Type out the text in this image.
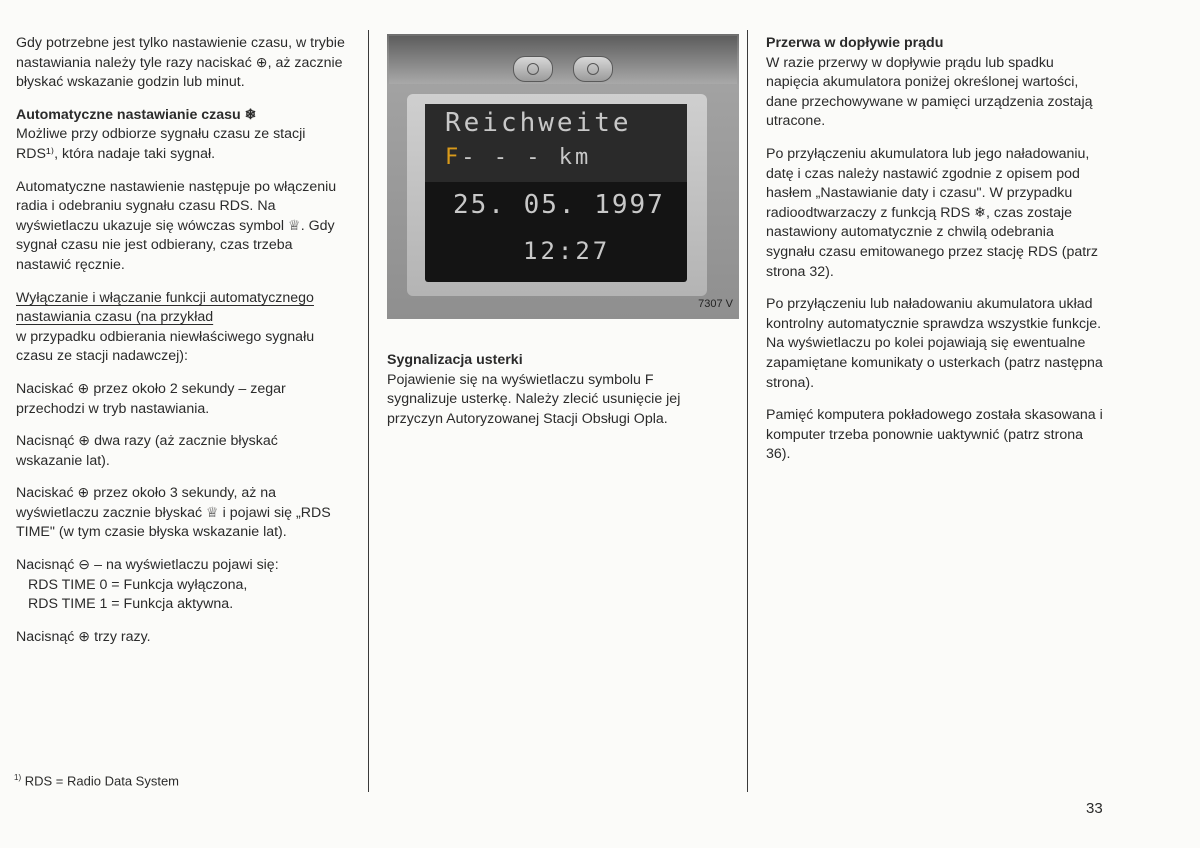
Gdy potrzebne jest tylko nastawienie czasu, w trybie nastawiania należy tyle razy naciskać ⊕, aż zacznie błyskać wskazanie godzin lub minut.

Automatyczne nastawianie czasu ❄

Możliwe przy odbiorze sygnału czasu ze stacji RDS¹⁾, która nadaje taki sygnał.

Automatyczne nastawienie następuje po włączeniu radia i odebraniu sygnału czasu RDS. Na wyświetlaczu ukazuje się wówczas symbol ♕. Gdy sygnał czasu nie jest odbierany, czas trzeba nastawić ręcznie.

Wyłączanie i włączanie funkcji automatycznego nastawiania czasu (na przykład

w przypadku odbierania niewłaściwego sygnału czasu ze stacji nadawczej):

Naciskać ⊕ przez około 2 sekundy – zegar przechodzi w tryb nastawiania.

Nacisnąć ⊕ dwa razy (aż zacznie błyskać wskazanie lat).

Naciskać ⊕ przez około 3 sekundy, aż na wyświetlaczu zacznie błyskać ♕ i pojawi się „RDS TIME" (w tym czasie błyska wskazanie lat).

Nacisnąć ⊖ – na wyświetlaczu pojawi się:

RDS TIME 0 = Funkcja wyłączona,

RDS TIME 1 = Funkcja aktywna.

Nacisnąć ⊕ trzy razy.

$^{1)}$ RDS = Radio Data System
Reichweite
F- - - km
25. 05. 1997
12:27
7307 V

Sygnalizacja usterki

Pojawienie się na wyświetlaczu symbolu F sygnalizuje usterkę. Należy zlecić usunięcie jej przyczyn Autoryzowanej Stacji Obsługi Opla.

Przerwa w dopływie prądu

W razie przerwy w dopływie prądu lub spadku napięcia akumulatora poniżej określonej wartości, dane przechowywane w pamięci urządzenia zostają utracone.

Po przyłączeniu akumulatora lub jego naładowaniu, datę i czas należy nastawić zgodnie z opisem pod hasłem „Nastawianie daty i czasu". W przypadku radioodtwarzaczy z funkcją RDS ❄, czas zostaje nastawiony automatycznie z chwilą odebrania sygnału czasu emitowanego przez stację RDS (patrz strona 32).

Po przyłączeniu lub naładowaniu akumulatora układ kontrolny automatycznie sprawdza wszystkie funkcje. Na wyświetlaczu po kolei pojawiają się ewentualne zapamiętane komunikaty o usterkach (patrz następna strona).

Pamięć komputera pokładowego została skasowana i komputer trzeba ponownie uaktywnić (patrz strona 36).

33
